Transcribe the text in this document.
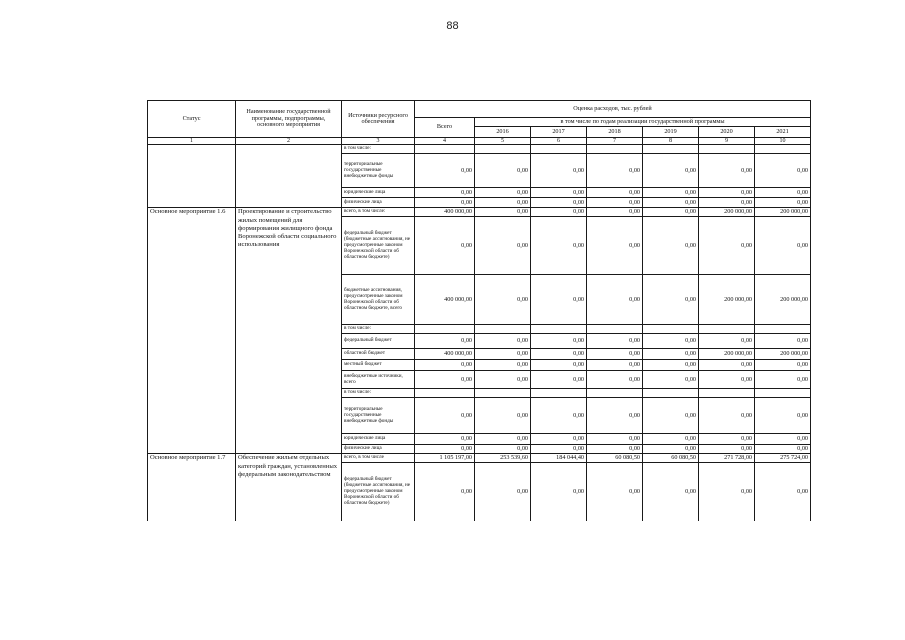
88
Статус	Наименование государственной программы, подпрограммы, основного мероприятия	Источники ресурсного обеспечения	Оценка расходов, тыс. рублей						
			Всего	в том числе по годам реализации государственной программы					
				2016	2017	2018	2019	2020	2021
1	2	3	4	5	6	7	8	9	10
		в том числе:							
		территориальные государственные внебюджетные фонды	0,00	0,00	0,00	0,00	0,00	0,00	0,00
		юридические лица	0,00	0,00	0,00	0,00	0,00	0,00	0,00
		физические лица	0,00	0,00	0,00	0,00	0,00	0,00	0,00
Основное мероприятие 1.6	Проектирование и строительство жилых помещений для формирования жилищного фонда Воронежской области социального использования	всего, в том числе:	400 000,00	0,00	0,00	0,00	0,00	200 000,00	200 000,00
		федеральный бюджет (бюджетные ассигнования, не предусмотренные законом Воронежской области об областном бюджете)	0,00	0,00	0,00	0,00	0,00	0,00	0,00
		бюджетные ассигнования, предусмотренные законом Воронежской области об областном бюджете, всего	400 000,00	0,00	0,00	0,00	0,00	200 000,00	200 000,00
		в том числе:							
		федеральный бюджет	0,00	0,00	0,00	0,00	0,00	0,00	0,00
		областной бюджет	400 000,00	0,00	0,00	0,00	0,00	200 000,00	200 000,00
		местный бюджет	0,00	0,00	0,00	0,00	0,00	0,00	0,00
		внебюджетные источники, всего	0,00	0,00	0,00	0,00	0,00	0,00	0,00
		в том числе:							
		территориальные государственные внебюджетные фонды	0,00	0,00	0,00	0,00	0,00	0,00	0,00
		юридические лица	0,00	0,00	0,00	0,00	0,00	0,00	0,00
		физические лица	0,00	0,00	0,00	0,00	0,00	0,00	0,00
Основное мероприятие 1.7	Обеспечение жильем отдельных категорий граждан, установленных федеральным законодательством	всего, в том числе	1 105 197,00	253 539,60	184 044,40	60 080,50	60 080,50	271 728,00	275 724,00
		федеральный бюджет (бюджетные ассигнования, не предусмотренные законом Воронежской области об областном бюджете)	0,00	0,00	0,00	0,00	0,00	0,00	0,00
